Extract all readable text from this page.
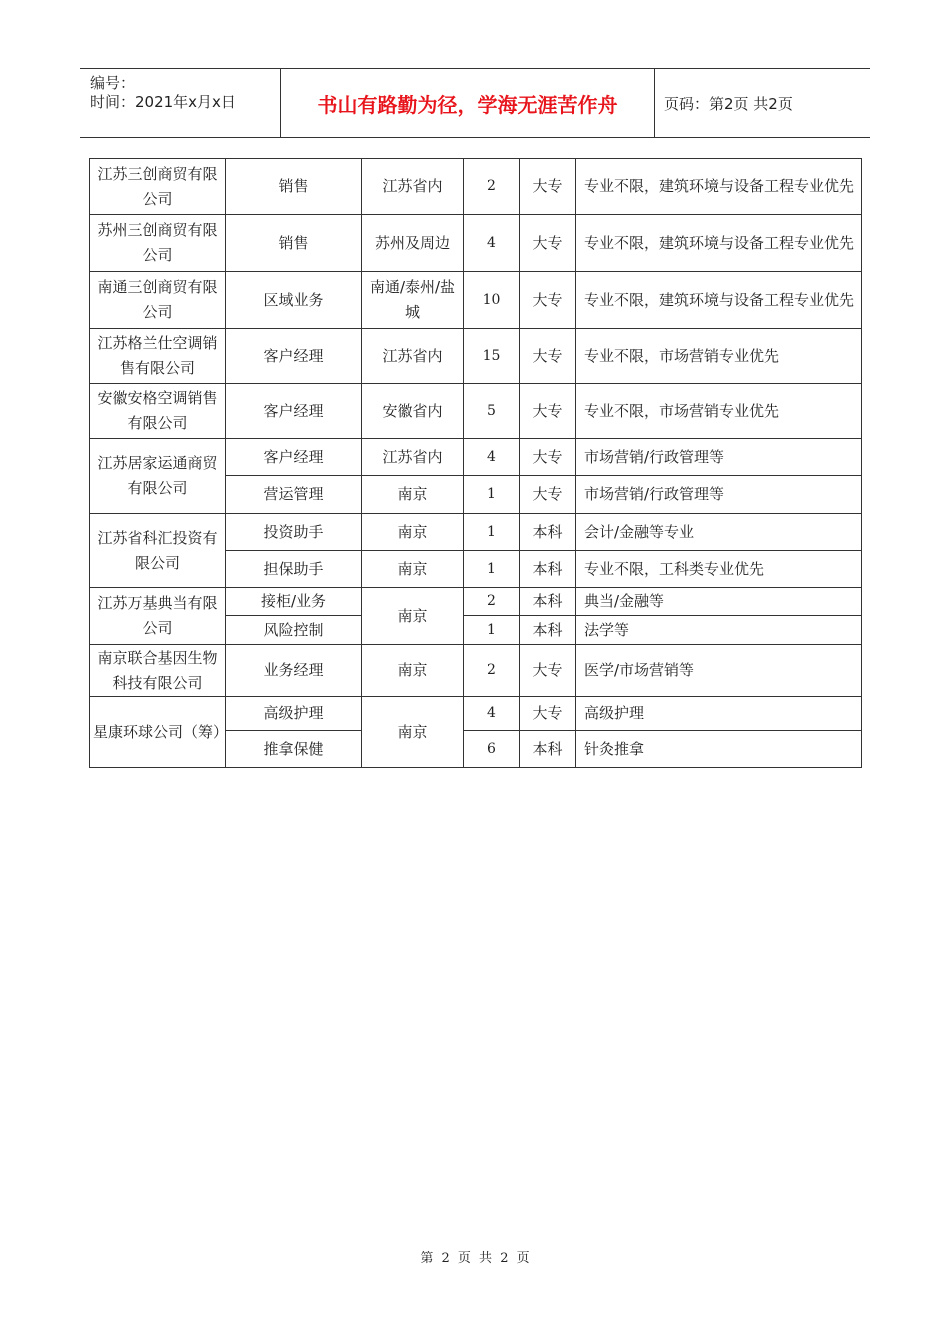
编号：
时间：2021年x月x日	书山有路勤为径，学海无涯苦作舟	页码：第2页 共2页
江苏三创商贸有限公司	销售	江苏省内	2	大专	专业不限，建筑环境与设备工程专业优先
苏州三创商贸有限公司	销售	苏州及周边	4	大专	专业不限，建筑环境与设备工程专业优先
南通三创商贸有限公司	区域业务	南通/泰州/盐城	10	大专	专业不限，建筑环境与设备工程专业优先
江苏格兰仕空调销售有限公司	客户经理	江苏省内	15	大专	专业不限，市场营销专业优先
安徽安格空调销售有限公司	客户经理	安徽省内	5	大专	专业不限，市场营销专业优先
江苏居家运通商贸有限公司	客户经理	江苏省内	4	大专	市场营销/行政管理等
	营运管理	南京	1	大专	市场营销/行政管理等
江苏省科汇投资有限公司	投资助手	南京	1	本科	会计/金融等专业
	担保助手	南京	1	本科	专业不限，工科类专业优先
江苏万基典当有限公司	接柜/业务	南京	2	本科	典当/金融等
	风险控制		1	本科	法学等
南京联合基因生物科技有限公司	业务经理	南京	2	大专	医学/市场营销等
星康环球公司（筹）	高级护理	南京	4	大专	高级护理
	推拿保健		6	本科	针灸推拿
第 2 页 共 2 页
